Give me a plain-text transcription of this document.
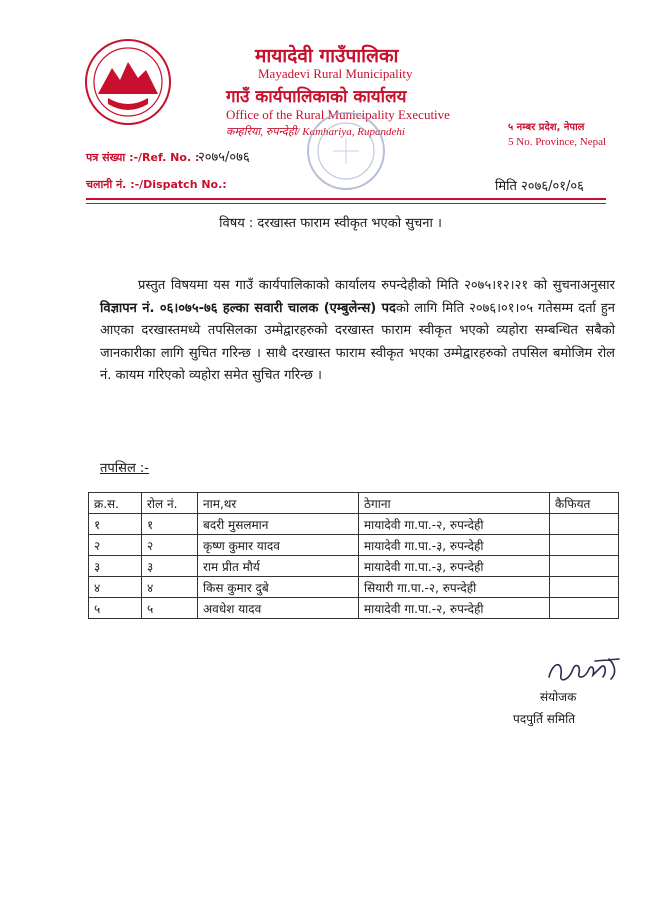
मायादेवी गाउँपालिका
Mayadevi Rural Municipality
गाउँ कार्यपालिकाको कार्यालय
Office of the Rural Municipality Executive
कम्हरिया, रुपन्देही/ Kamhariya, Rupandehi	५ नम्बर प्रदेश, नेपाल
5 No. Province, Nepal
पत्र संख्या :-/Ref. No. :
२०७५/०७६
चलानी नं. :-/Dispatch No.:	मिति २०७६/०१/०६
विषय : दरखास्त फाराम स्वीकृत भएको सुचना ।
प्रस्तुत विषयमा यस गाउँ कार्यपालिकाको कार्यालय रुपन्देहीको मिति २०७५।१२।२१ को सुचनाअनुसार विज्ञापन नं. ०६।०७५-७६ हल्का सवारी चालक (एम्बुलेन्स) पदको लागि मिति २०७६।०१।०५ गतेसम्म दर्ता हुन आएका दरखास्तमध्ये तपसिलका उम्मेद्वारहरुको दरखास्त फाराम स्वीकृत भएको व्यहोरा सम्बन्धित सबैको जानकारीका लागि सुचित गरिन्छ । साथै दरखास्त फाराम स्वीकृत भएका उम्मेद्वारहरुको तपसिल बमोजिम रोल नं. कायम गरिएको व्यहोरा समेत सुचित गरिन्छ ।
तपसिल :-
क्र.स.	रोल नं.	नाम,थर	ठेगाना	कैफियत
१	१	बदरी मुसलमान	मायादेवी गा.पा.-२, रुपन्देही	
२	२	कृष्ण कुमार यादव	मायादेवी गा.पा.-३, रुपन्देही	
३	३	राम प्रीत मौर्य	मायादेवी गा.पा.-३, रुपन्देही	
४	४	किस कुमार दुबे	सियारी गा.पा.-२, रुपन्देही	
५	५	अवधेश यादव	मायादेवी गा.पा.-२, रुपन्देही	
संयोजक
पदपुर्ति समिति
